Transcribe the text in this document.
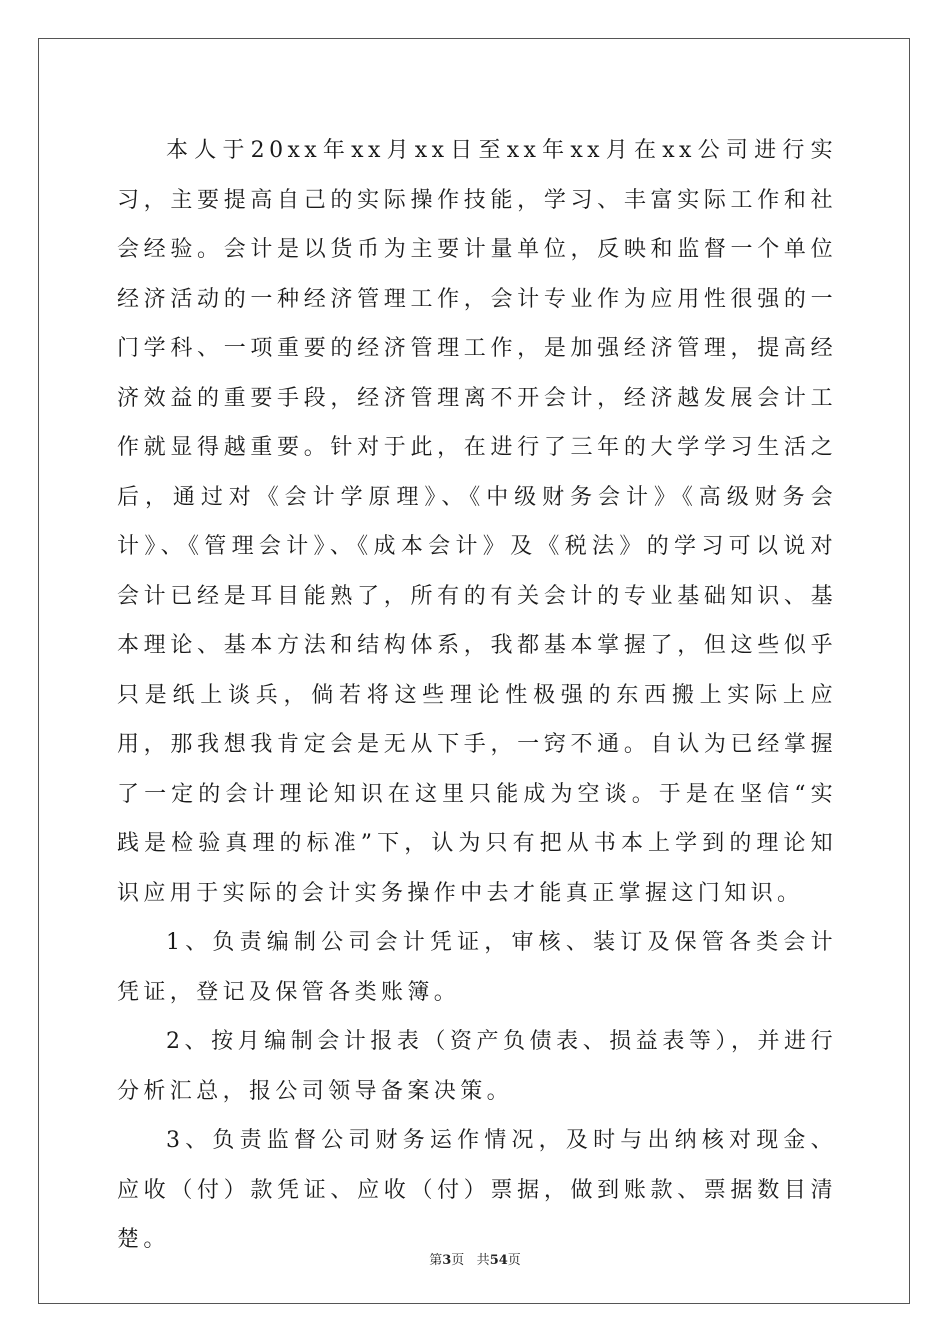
本人于20xx年xx月xx日至xx年xx月在xx公司进行实习，主要提高自己的实际操作技能，学习、丰富实际工作和社会经验。会计是以货币为主要计量单位，反映和监督一个单位经济活动的一种经济管理工作，会计专业作为应用性很强的一门学科、一项重要的经济管理工作，是加强经济管理，提高经济效益的重要手段，经济管理离不开会计，经济越发展会计工作就显得越重要。针对于此，在进行了三年的大学学习生活之后，通过对《会计学原理》、《中级财务会计》《高级财务会计》、《管理会计》、《成本会计》及《税法》的学习可以说对会计已经是耳目能熟了，所有的有关会计的专业基础知识、基本理论、基本方法和结构体系，我都基本掌握了，但这些似乎只是纸上谈兵，倘若将这些理论性极强的东西搬上实际上应用，那我想我肯定会是无从下手，一窍不通。自认为已经掌握了一定的会计理论知识在这里只能成为空谈。于是在坚信“实践是检验真理的标准”下，认为只有把从书本上学到的理论知识应用于实际的会计实务操作中去才能真正掌握这门知识。

1、负责编制公司会计凭证，审核、装订及保管各类会计凭证，登记及保管各类账簿。

2、按月编制会计报表（资产负债表、损益表等），并进行分析汇总，报公司领导备案决策。

3、负责监督公司财务运作情况，及时与出纳核对现金、应收（付）款凭证、应收（付）票据，做到账款、票据数目清楚。

第3页 共54页
